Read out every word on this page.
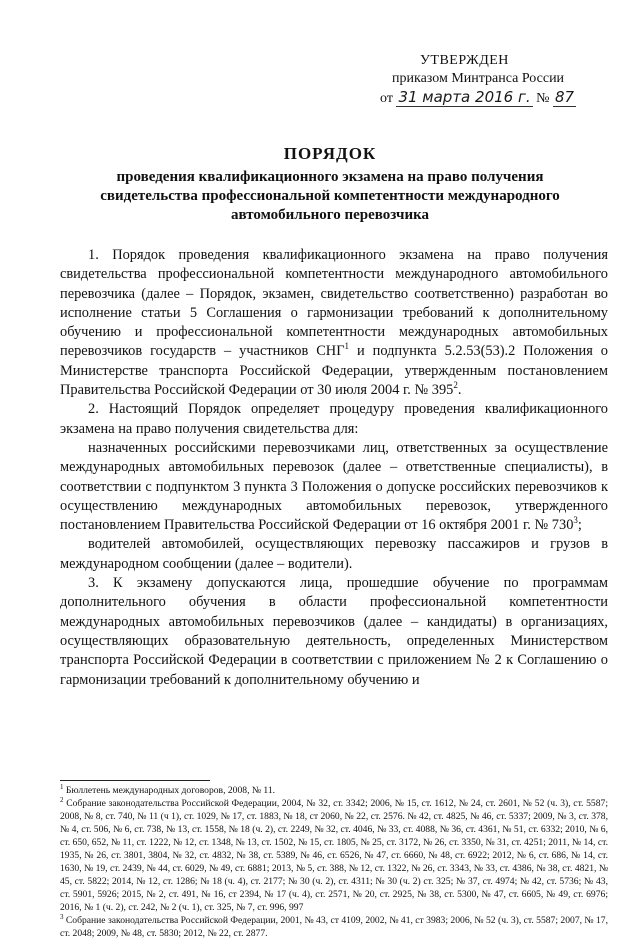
УТВЕРЖДЕН
приказом Минтранса России
от 31 марта 2016 г. № 87
ПОРЯДОК
проведения квалификационного экзамена на право получения
свидетельства профессиональной компетентности международного
автомобильного перевозчика

1. Порядок проведения квалификационного экзамена на право получения свидетельства профессиональной компетентности международного автомобильного перевозчика (далее – Порядок, экзамен, свидетельство соответственно) разработан во исполнение статьи 5 Соглашения о гармонизации требований к дополнительному обучению и профессиональной компетентности международных автомобильных перевозчиков государств – участников СНГ$^1$ и подпункта 5.2.53(53).2 Положения о Министерстве транспорта Российской Федерации, утвержденным постановлением Правительства Российской Федерации от 30 июля 2004 г. № $395^2$.

2. Настоящий Порядок определяет процедуру проведения квалификационного экзамена на право получения свидетельства для:

назначенных российскими перевозчиками лиц, ответственных за осуществление международных автомобильных перевозок (далее – ответственные специалисты), в соответствии с подпунктом 3 пункта 3 Положения о допуске российских перевозчиков к осуществлению международных автомобильных перевозок, утвержденного постановлением Правительства Российской Федерации от 16 октября 2001 г. № $730^3$;

водителей автомобилей, осуществляющих перевозку пассажиров и грузов в международном сообщении (далее – водители).

3. К экзамену допускаются лица, прошедшие обучение по программам дополнительного обучения в области профессиональной компетентности международных автомобильных перевозчиков (далее – кандидаты) в организациях, осуществляющих образовательную деятельность, определенных Министерством транспорта Российской Федерации в соответствии с приложением № 2 к Соглашению о гармонизации требований к дополнительному обучению и

$^1$ Бюллетень международных договоров, 2008, № 11.

$^2$ Собрание законодательства Российской Федерации, 2004, № 32, ст. 3342; 2006, № 15, ст. 1612, № 24, ст. 2601, № 52 (ч. 3), ст. 5587; 2008, № 8, ст. 740, № 11 (ч 1), ст. 1029, № 17, ст. 1883, № 18, ст 2060, № 22, ст. 2576. № 42, ст. 4825, № 46, ст. 5337; 2009, № 3, ст. 378, № 4, ст. 506, № 6, ст. 738, № 13, ст. 1558, № 18 (ч. 2), ст. 2249, № 32, ст. 4046, № 33, ст. 4088, № 36, ст. 4361, № 51, ст. 6332; 2010, № 6, ст. 650, 652, № 11, ст. 1222, № 12, ст. 1348, № 13, ст. 1502, № 15, ст. 1805, № 25, ст. 3172, № 26, ст. 3350, № 31, ст. 4251; 2011, № 14, ст. 1935, № 26, ст. 3801, 3804, № 32, ст. 4832, № 38, ст. 5389, № 46, ст. 6526, № 47, ст. 6660, № 48, ст. 6922; 2012, № 6, ст. 686, № 14, ст. 1630, № 19, ст. 2439, № 44, ст. 6029, № 49, ст. 6881; 2013, № 5, ст. 388, № 12, ст. 1322, № 26, ст. 3343, № 33, ст. 4386, № 38, ст. 4821, № 45, ст. 5822; 2014, № 12, ст. 1286; № 18 (ч. 4), ст. 2177; № 30 (ч. 2), ст. 4311; № 30 (ч. 2) ст. 325; № 37, ст. 4974; № 42, ст. 5736; № 43, ст. 5901, 5926; 2015, № 2, ст. 491, № 16, ст 2394, № 17 (ч. 4), ст. 2571, № 20, ст. 2925, № 38, ст. 5300, № 47, ст. 6605, № 49, ст. 6976; 2016, № 1 (ч. 2), ст. 242, № 2 (ч. 1), ст. 325, № 7, ст. 996, 997

$^3$ Собрание законодательства Российской Федерации, 2001, № 43, ст 4109, 2002, № 41, ст 3983; 2006, № 52 (ч. 3), ст. 5587; 2007, № 17, ст. 2048; 2009, № 48, ст. 5830; 2012, № 22, ст. 2877.
